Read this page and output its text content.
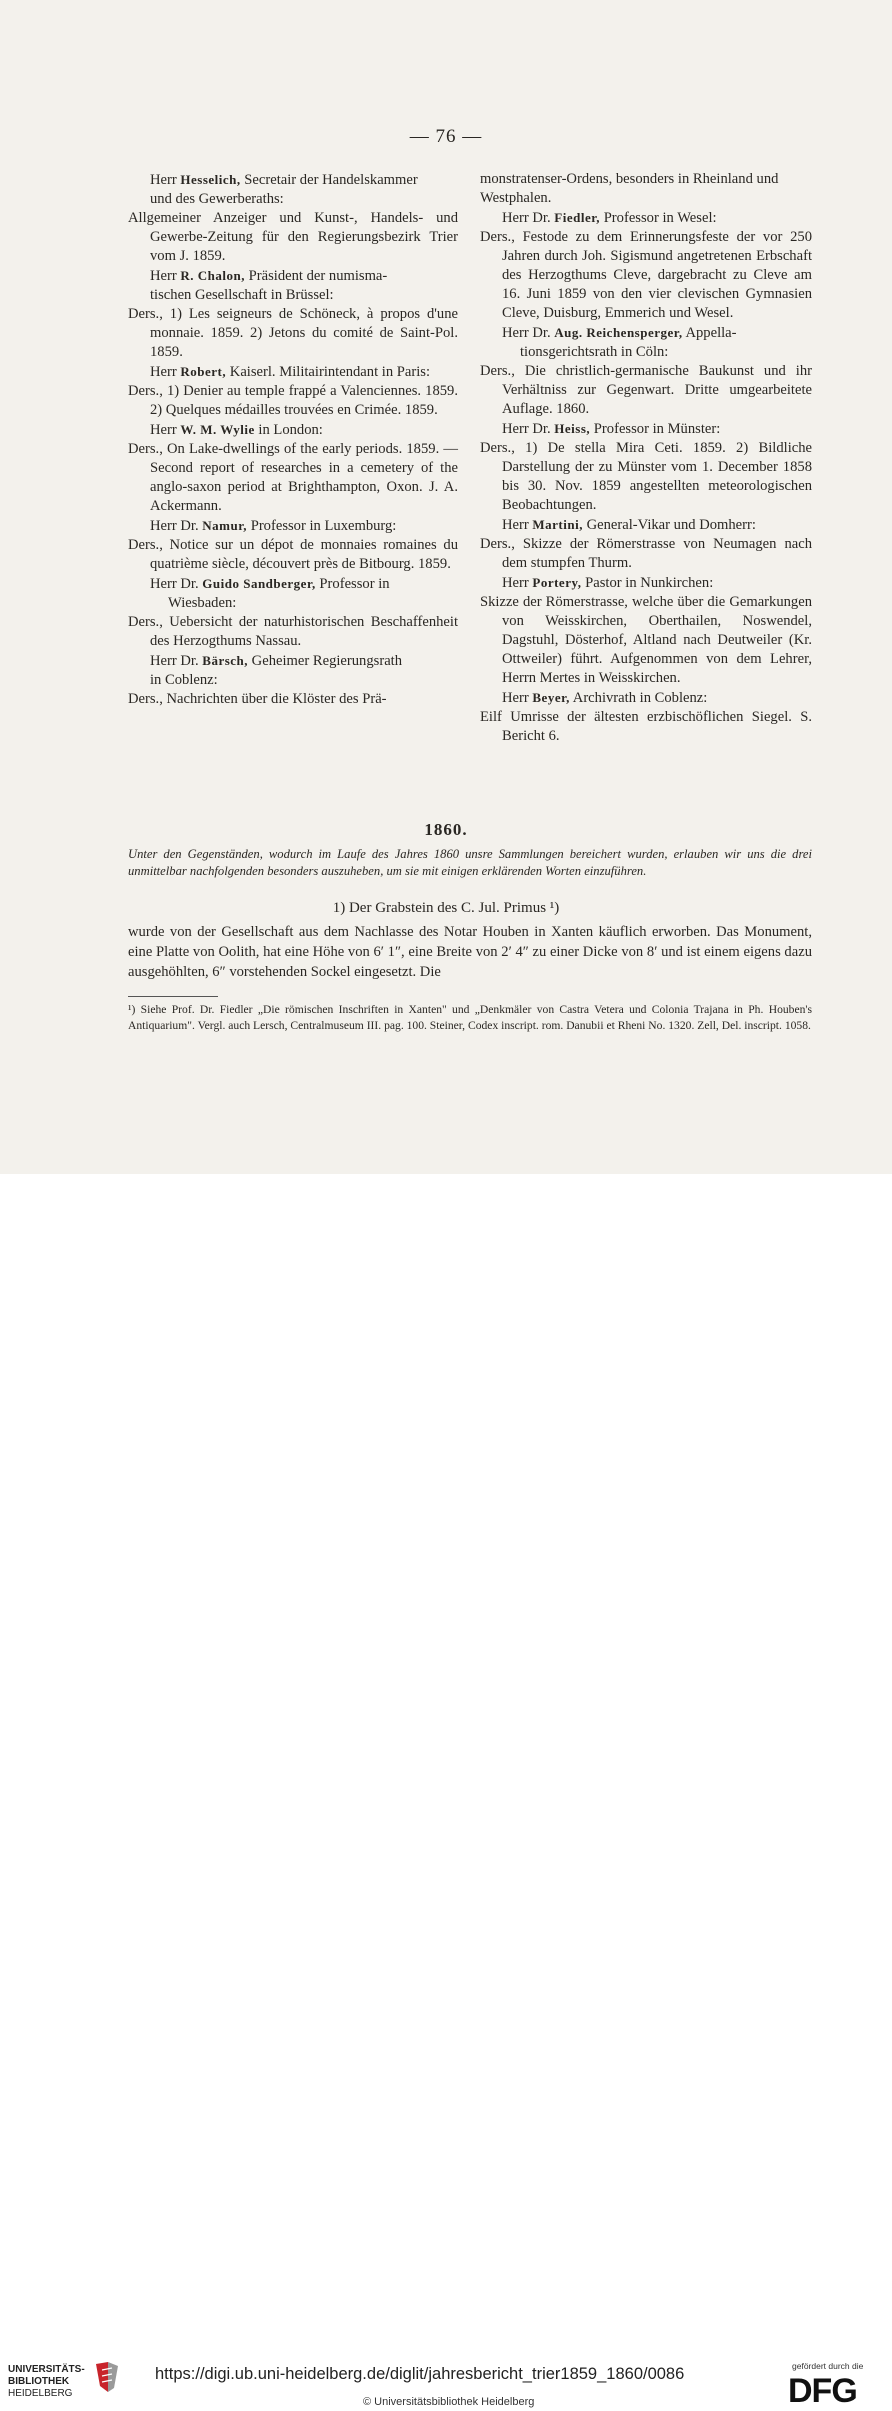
— 76 —
Herr Hesselich, Secretair der Handelskammer
und des Gewerberaths:
Allgemeiner Anzeiger und Kunst-, Handels- und Gewerbe-Zeitung für den Regierungsbezirk Trier vom J. 1859.
Herr R. Chalon, Präsident der numisma-
tischen Gesellschaft in Brüssel:
Ders., 1) Les seigneurs de Schöneck, à propos d'une monnaie. 1859. 2) Jetons du comité de Saint-Pol. 1859.
Herr Robert, Kaiserl. Militairintendant in Paris:
Ders., 1) Denier au temple frappé a Valenciennes. 1859. 2) Quelques médailles trouvées en Crimée. 1859.
Herr W. M. Wylie in London:
Ders., On Lake-dwellings of the early periods. 1859. — Second report of researches in a cemetery of the anglo-saxon period at Brighthampton, Oxon. J. A. Ackermann.
Herr Dr. Namur, Professor in Luxemburg:
Ders., Notice sur un dépot de monnaies romaines du quatrième siècle, découvert près de Bitbourg. 1859.
Herr Dr. Guido Sandberger, Professor in
Wiesbaden:
Ders., Uebersicht der naturhistorischen Beschaffenheit des Herzogthums Nassau.
Herr Dr. Bärsch, Geheimer Regierungsrath
in Coblenz:
Ders., Nachrichten über die Klöster des Prä-
monstratenser-Ordens, besonders in Rheinland und Westphalen.
Herr Dr. Fiedler, Professor in Wesel:
Ders., Festode zu dem Erinnerungsfeste der vor 250 Jahren durch Joh. Sigismund angetretenen Erbschaft des Herzogthums Cleve, dargebracht zu Cleve am 16. Juni 1859 von den vier clevischen Gymnasien Cleve, Duisburg, Emmerich und Wesel.
Herr Dr. Aug. Reichensperger, Appella-
tionsgerichtsrath in Cöln:
Ders., Die christlich-germanische Baukunst und ihr Verhältniss zur Gegenwart. Dritte umgearbeitete Auflage. 1860.
Herr Dr. Heiss, Professor in Münster:
Ders., 1) De stella Mira Ceti. 1859. 2) Bildliche Darstellung der zu Münster vom 1. December 1858 bis 30. Nov. 1859 angestellten meteorologischen Beobachtungen.
Herr Martini, General-Vikar und Domherr:
Ders., Skizze der Römerstrasse von Neumagen nach dem stumpfen Thurm.
Herr Portery, Pastor in Nunkirchen:
Skizze der Römerstrasse, welche über die Gemarkungen von Weisskirchen, Oberthailen, Noswendel, Dagstuhl, Dösterhof, Altland nach Deutweiler (Kr. Ottweiler) führt. Aufgenommen von dem Lehrer, Herrn Mertes in Weisskirchen.
Herr Beyer, Archivrath in Coblenz:
Eilf Umrisse der ältesten erzbischöflichen Siegel. S. Bericht 6.
1860.
Unter den Gegenständen, wodurch im Laufe des Jahres 1860 unsre Sammlungen bereichert wurden, erlauben wir uns die drei unmittelbar nachfolgenden besonders auszuheben, um sie mit einigen erklärenden Worten einzuführen.
1) Der Grabstein des C. Jul. Primus ¹)
wurde von der Gesellschaft aus dem Nachlasse des Notar Houben in Xanten käuflich erworben. Das Monument, eine Platte von Oolith, hat eine Höhe von 6′ 1″, eine Breite von 2′ 4″ zu einer Dicke von 8′ und ist einem eigens dazu ausgehöhlten, 6″ vorstehenden Sockel eingesetzt. Die
¹) Siehe Prof. Dr. Fiedler „Die römischen Inschriften in Xanten" und „Denkmäler von Castra Vetera und Colonia Trajana in Ph. Houben's Antiquarium". Vergl. auch Lersch, Centralmuseum III. pag. 100. Steiner, Codex inscript. rom. Danubii et Rheni No. 1320. Zell, Del. inscript. 1058.
UNIVERSITÄTS-
BIBLIOTHEK
HEIDELBERG
https://digi.ub.uni-heidelberg.de/diglit/jahresbericht_trier1859_1860/0086
© Universitätsbibliothek Heidelberg
gefördert durch die
DFG
